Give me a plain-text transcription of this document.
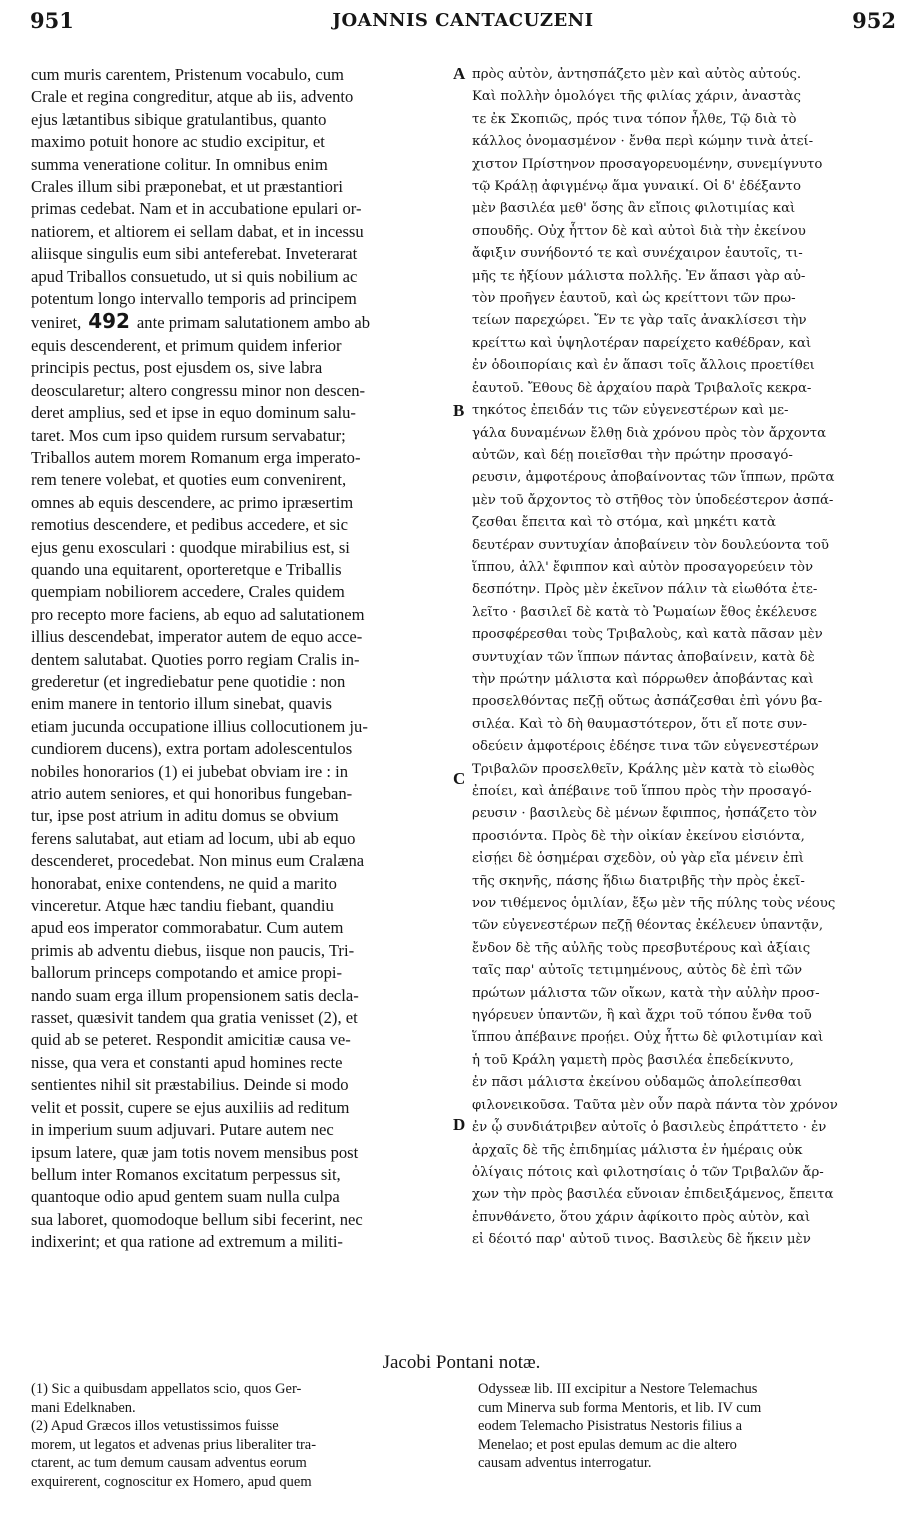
951	JOANNIS CANTACUZENI	952
cum muris carentem, Pristenum vocabulo, cum
Crale et regina congreditur, atque ab iis, advento
ejus lætantibus sibique gratulantibus, quanto
maximo potuit honore ac studio excipitur, et
summa veneratione colitur. In omnibus enim
Crales illum sibi præponebat, et ut præstantiori
primas cedebat. Nam et in accubatione epulari or-
natiorem, et altiorem ei sellam dabat, et in incessu
aliisque singulis eum sibi anteferebat. Inveterarat
apud Triballos consuetudo, ut si quis nobilium ac
potentum longo intervallo temporis ad principem
veniret, 492 ante primam salutationem ambo ab
equis descenderent, et primum quidem inferior
principis pectus, post ejusdem os, sive labra
deoscularetur; altero congressu minor non descen-
deret amplius, sed et ipse in equo dominum salu-
taret. Mos cum ipso quidem rursum servabatur;
Triballos autem morem Romanum erga imperato-
rem tenere volebat, et quoties eum convenirent,
omnes ab equis descendere, ac primo ipræsertim
remotius descendere, et pedibus accedere, et sic
ejus genu exosculari : quodque mirabilius est, si
quando una equitarent, oporteretque e Triballis
quempiam nobiliorem accedere, Crales quidem
pro recepto more faciens, ab equo ad salutationem
illius descendebat, imperator autem de equo acce-
dentem salutabat. Quoties porro regiam Cralis in-
grederetur (et ingrediebatur pene quotidie : non
enim manere in tentorio illum sinebat, quavis
etiam jucunda occupatione illius collocutionem ju-
cundiorem ducens), extra portam adolescentulos
nobiles honorarios (1) ei jubebat obviam ire : in
atrio autem seniores, et qui honoribus fungeban-
tur, ipse post atrium in aditu domus se obvium
ferens salutabat, aut etiam ad locum, ubi ab equo
descenderet, procedebat. Non minus eum Cralæna
honorabat, enixe contendens, ne quid a marito
vinceretur. Atque hæc tandiu fiebant, quandiu
apud eos imperator commorabatur. Cum autem
primis ab adventu diebus, iisque non paucis, Tri-
ballorum princeps compotando et amice propi-
nando suam erga illum propensionem satis decla-
rasset, quæsivit tandem qua gratia venisset (2), et
quid ab se peteret. Respondit amicitiæ causa ve-
nisse, qua vera et constanti apud homines recte
sentientes nihil sit præstabilius. Deinde si modo
velit et possit, cupere se ejus auxiliis ad reditum
in imperium suum adjuvari. Putare autem nec
ipsum latere, quæ jam totis novem mensibus post
bellum inter Romanos excitatum perpessus sit,
quantoque odio apud gentem suam nulla culpa
sua laboret, quomodoque bellum sibi fecerint, nec
indixerint; et qua ratione ad extremum a militi-
πρὸς αὐτὸν, ἀντησπάζετο μὲν καὶ αὐτὸς αὐτούς.
Καὶ πολλὴν ὁμολόγει τῆς φιλίας χάριν, ἀναστὰς
τε ἐκ Σκοπιῶς, πρός τινα τόπον ἦλθε, Τῷ διὰ τὸ
κάλλος ὀνομασμένον · ἔνθα περὶ κώμην τινὰ ἀτεί-
χιστον Πρίστηνον προσαγορευομένην, συνεμίγνυτο
τῷ Κράλῃ ἀφιγμένῳ ἅμα γυναικί. Οἱ δ' ἐδέξαντο
μὲν βασιλέα μεθ' ὅσης ἂν εἴποις φιλοτιμίας καὶ
σπουδῆς. Οὐχ ἧττον δὲ καὶ αὐτοὶ διὰ τὴν ἐκείνου
ἄφιξιν συνήδοντό τε καὶ συνέχαιρον ἑαυτοῖς, τι-
μῆς τε ἠξίουν μάλιστα πολλῆς. Ἐν ἅπασι γὰρ αὐ-
τὸν προῆγεν ἑαυτοῦ, καὶ ὡς κρείττονι τῶν πρω-
τείων παρεχώρει. Ἔν τε γὰρ ταῖς ἀνακλίσεσι τὴν
κρείττω καὶ ὑψηλοτέραν παρείχετο καθέδραν, καὶ
ἐν ὁδοιπορίαις καὶ ἐν ἅπασι τοῖς ἄλλοις προετίθει
ἑαυτοῦ. Ἔθους δὲ ἀρχαίου παρὰ Τριβαλοῖς κεκρα-
τηκότος ἐπειδάν τις τῶν εὐγενεστέρων καὶ με-
γάλα δυναμένων ἔλθῃ διὰ χρόνου πρὸς τὸν ἄρχοντα
αὐτῶν, καὶ δέῃ ποιεῖσθαι τὴν πρώτην προσαγό-
ρευσιν, ἀμφοτέρους ἀποβαίνοντας τῶν ἵππων, πρῶτα
μὲν τοῦ ἄρχοντος τὸ στῆθος τὸν ὑποδεέστερον ἀσπά-
ζεσθαι ἔπειτα καὶ τὸ στόμα, καὶ μηκέτι κατὰ
δευτέραν συντυχίαν ἀποβαίνειν τὸν δουλεύοντα τοῦ
ἵππου, ἀλλ' ἔφιππον καὶ αὐτὸν προσαγορεύειν τὸν
δεσπότην. Πρὸς μὲν ἐκεῖνον πάλιν τὰ εἰωθότα ἐτε-
λεῖτο · βασιλεῖ δὲ κατὰ τὸ Ῥωμαίων ἔθος ἐκέλευσε
προσφέρεσθαι τοὺς Τριβαλοὺς, καὶ κατὰ πᾶσαν μὲν
συντυχίαν τῶν ἵππων πάντας ἀποβαίνειν, κατὰ δὲ
τὴν πρώτην μάλιστα καὶ πόρρωθεν ἀποβάντας καὶ
προσελθόντας πεζῇ οὕτως ἀσπάζεσθαι ἐπὶ γόνυ βα-
σιλέα. Καὶ τὸ δὴ θαυμαστότερον, ὅτι εἴ ποτε συν-
οδεύειν ἀμφοτέροις ἐδέησε τινα τῶν εὐγενεστέρων
Τριβαλῶν προσελθεῖν, Κράλης μὲν κατὰ τὸ εἰωθὸς
ἐποίει, καὶ ἀπέβαινε τοῦ ἵππου πρὸς τὴν προσαγό-
ρευσιν · βασιλεὺς δὲ μένων ἔφιππος, ἠσπάζετο τὸν
προσιόντα. Πρὸς δὲ τὴν οἰκίαν ἐκείνου εἰσιόντα,
εἰσῄει δὲ ὁσημέραι σχεδὸν, οὐ γὰρ εἴα μένειν ἐπὶ
τῆς σκηνῆς, πάσης ἥδιω διατριβῆς τὴν πρὸς ἐκεῖ-
νον τιθέμενος ὁμιλίαν, ἔξω μὲν τῆς πύλης τοὺς νέους
τῶν εὐγενεστέρων πεζῇ θέοντας ἐκέλευεν ὑπαντᾷν,
ἔνδον δὲ τῆς αὐλῆς τοὺς πρεσβυτέρους καὶ ἀξίαις
ταῖς παρ' αὐτοῖς τετιμημένους, αὐτὸς δὲ ἐπὶ τῶν
πρώτων μάλιστα τῶν οἴκων, κατὰ τὴν αὐλὴν προσ-
ηγόρευεν ὑπαντῶν, ἢ καὶ ἄχρι τοῦ τόπου ἔνθα τοῦ
ἵππου ἀπέβαινε προῄει. Οὐχ ἧττω δὲ φιλοτιμίαν καὶ
ἡ τοῦ Κράλη γαμετὴ πρὸς βασιλέα ἐπεδείκνυτο,
ἐν πᾶσι μάλιστα ἐκείνου οὐδαμῶς ἀπολείπεσθαι
φιλονεικοῦσα. Ταῦτα μὲν οὖν παρὰ πάντα τὸν χρόνον
ἐν ᾧ συνδιάτριβεν αὐτοῖς ὁ βασιλεὺς ἐπράττετο · ἐν
ἀρχαῖς δὲ τῆς ἐπιδημίας μάλιστα ἐν ἡμέραις οὐκ
ὀλίγαις πότοις καὶ φιλοτησίαις ὁ τῶν Τριβαλῶν ἄρ-
χων τὴν πρὸς βασιλέα εὔνοιαν ἐπιδειξάμενος, ἔπειτα
ἐπυνθάνετο, ὅτου χάριν ἀφίκοιτο πρὸς αὐτὸν, καὶ
εἰ δέοιτό παρ' αὐτοῦ τινος. Βασιλεὺς δὲ ἥκειν μὲν
A
B
C
D
Jacobi Pontani notæ.
(1) Sic a quibusdam appellatos scio, quos Ger-
mani Edelknaben.
(2) Apud Græcos illos vetustissimos fuisse
morem, ut legatos et advenas prius liberaliter tra-
ctarent, ac tum demum causam adventus eorum
exquirerent, cognoscitur ex Homero, apud quem
Odysseæ lib. III excipitur a Nestore Telemachus
cum Minerva sub forma Mentoris, et lib. IV cum
eodem Telemacho Pisistratus Nestoris filius a
Menelao; et post epulas demum ac die altero
causam adventus interrogatur.
